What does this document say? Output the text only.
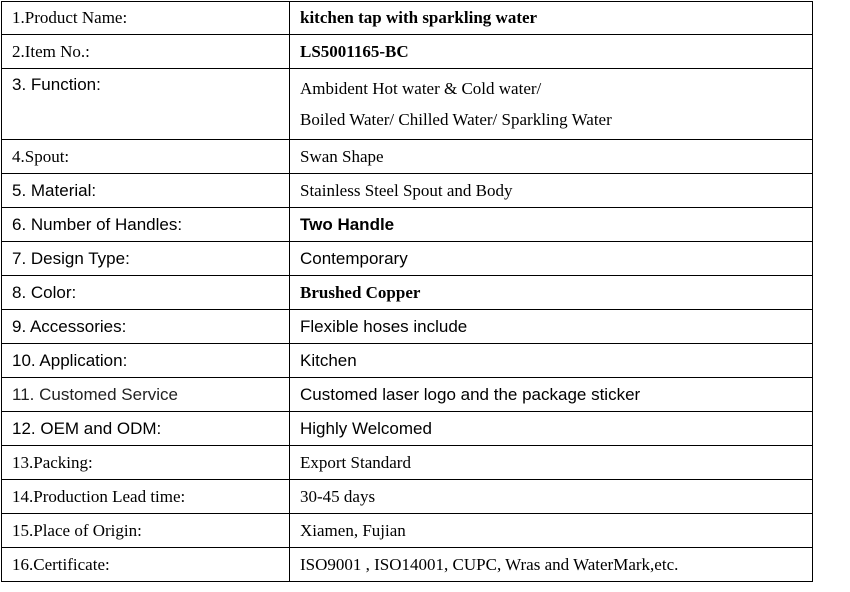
1.Product Name:	kitchen tap with sparkling water
2.Item No.:	LS5001165-BC
3. Function:	Ambident Hot water & Cold water/
Boiled Water/ Chilled Water/ Sparkling Water

4.Spout:	Swan Shape
5. Material:	Stainless Steel Spout and Body
6. Number of Handles:	Two Handle
7. Design Type:	Contemporary
8. Color:	Brushed Copper
9. Accessories:	Flexible hoses include
10. Application:	Kitchen
11. Customed Service	Customed laser logo and the package sticker
12. OEM and ODM:	Highly Welcomed
13.Packing:	Export Standard
14.Production Lead time:	30-45 days
15.Place of Origin:	Xiamen, Fujian
16.Certificate:	ISO9001 , ISO14001, CUPC, Wras and WaterMark,etc.
